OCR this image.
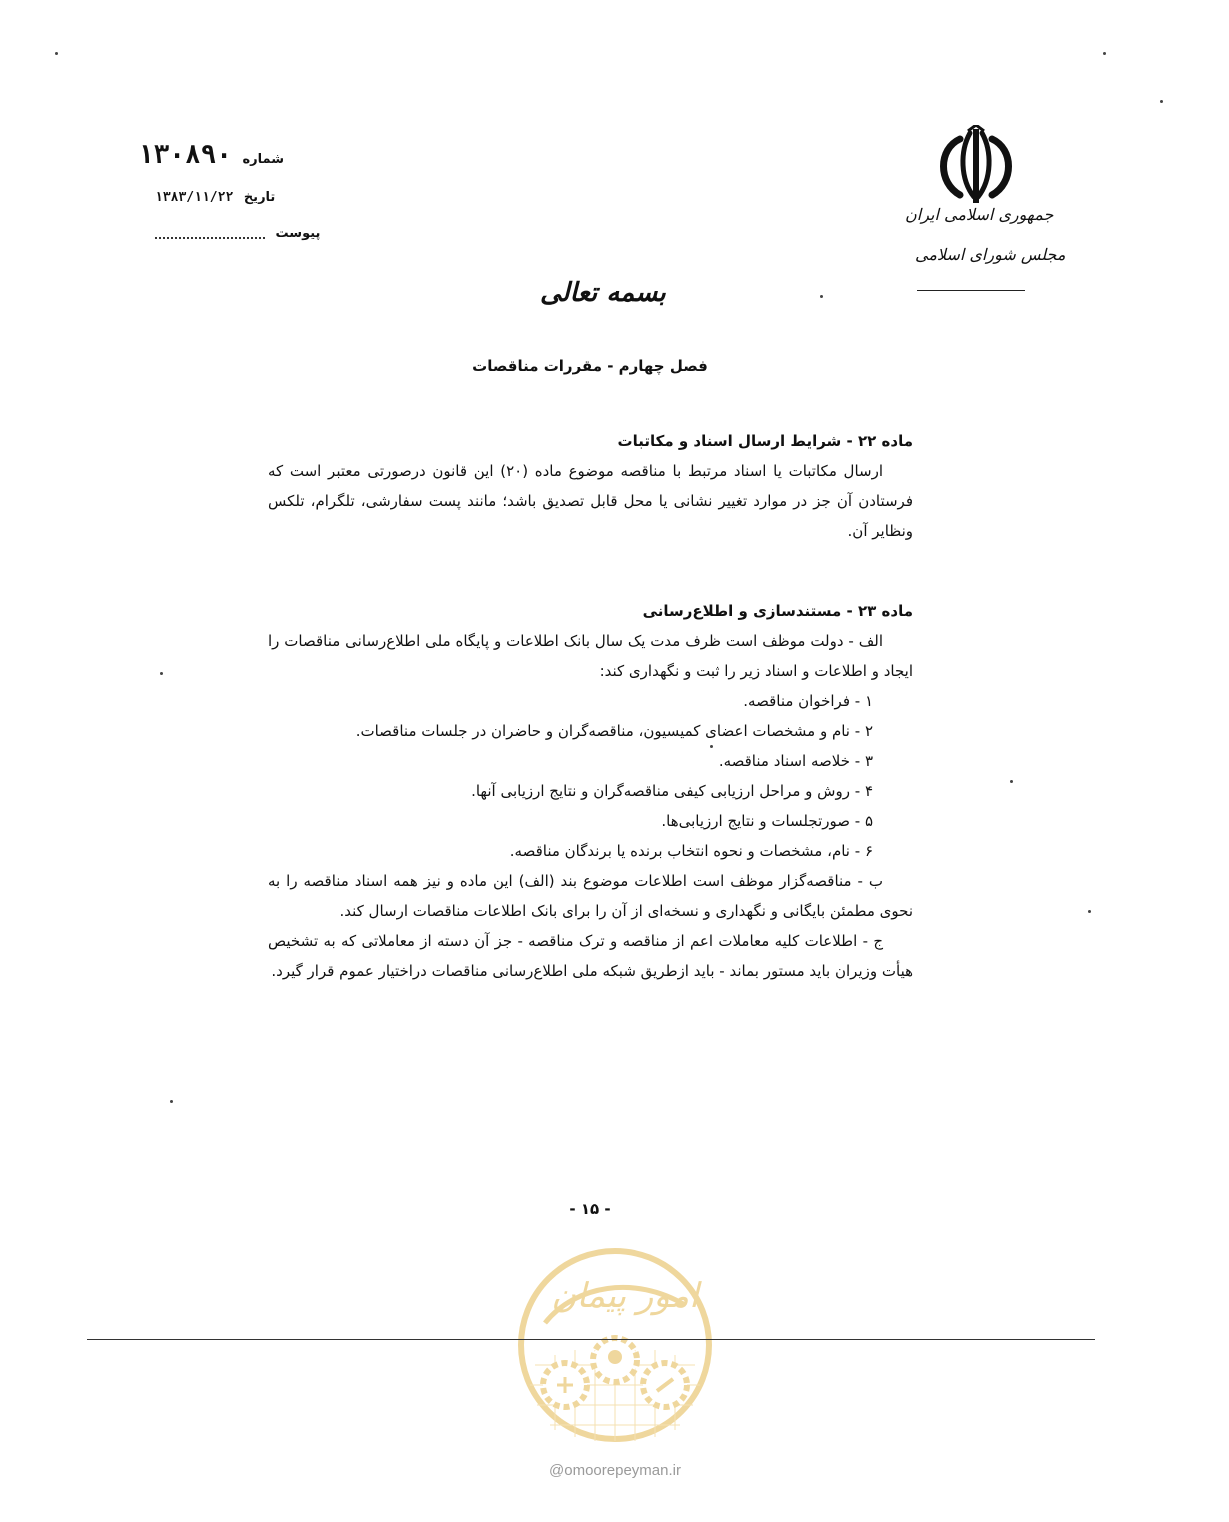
شماره ۱۳۰۸۹۰
تاریخ ۱۳۸۳/۱۱/۲۲
پیوست
جمهوری اسلامی ایران
مجلس شورای اسلامی
بسمه تعالی
فصل چهارم - مقررات مناقصات

ماده ۲۲ - شرایط ارسال اسناد و مکاتبات

ارسال مکاتبات یا اسناد مرتبط با مناقصه موضوع ماده (۲۰) این قانون درصورتی معتبر است که فرستادن آن جز در موارد تغییر نشانی یا محل قابل تصدیق باشد؛ مانند پست سفارشی، تلگرام، تلکس ونظایر آن.

ماده ۲۳ - مستندسازی و اطلاع‌رسانی

الف - دولت موظف است ظرف مدت یک سال بانک اطلاعات و پایگاه ملی اطلاع‌رسانی مناقصات را ایجاد و اطلاعات و اسناد زیر را ثبت و نگهداری کند:

۱ - فراخوان مناقصه.

۲ - نام و مشخصات اعضای کمیسیون، مناقصه‌گران و حاضران در جلسات مناقصات.

۳ - خلاصه اسناد مناقصه.

۴ - روش و مراحل ارزیابی کیفی مناقصه‌گران و نتایج ارزیابی آنها.

۵ - صورتجلسات و نتایج ارزیابی‌ها.

۶ - نام، مشخصات و نحوه انتخاب برنده یا برندگان مناقصه.

ب - مناقصه‌گزار موظف است اطلاعات موضوع بند (الف) این ماده و نیز همه اسناد مناقصه را به نحوی مطمئن بایگانی و نگهداری و نسخه‌ای از آن را برای بانک اطلاعات مناقصات ارسال کند.

ج - اطلاعات کلیه معاملات اعم از مناقصه و ترک مناقصه - جز آن دسته از معاملاتی که به تشخیص هیأت وزیران باید مستور بماند - باید ازطریق شبکه ملی اطلاع‌رسانی مناقصات دراختیار عموم قرار گیرد.

- ۱۵ -
امور پیمان
@omoorepeyman.ir
